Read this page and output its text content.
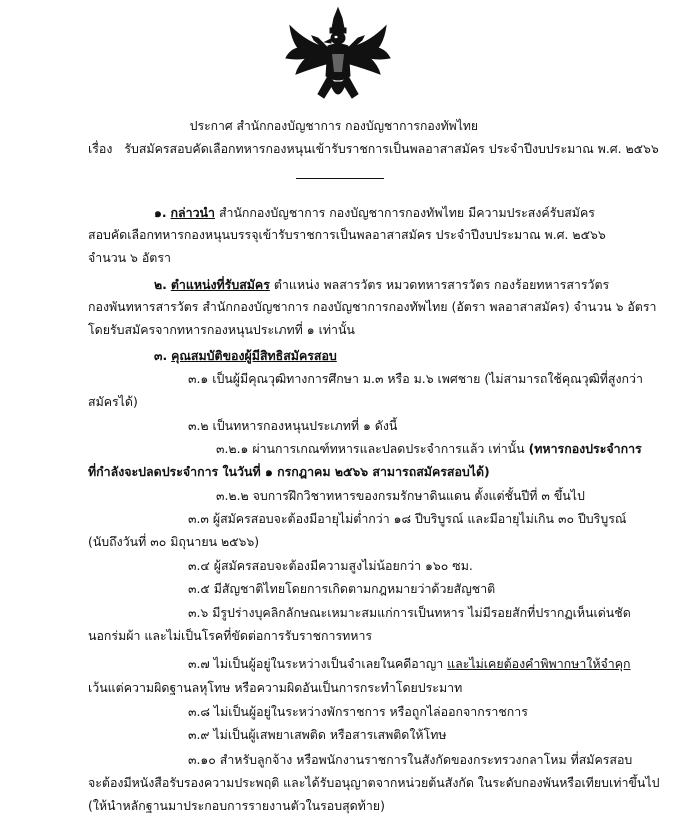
ประกาศ สำนักกองบัญชาการ กองบัญชาการกองทัพไทย
เรื่อง รับสมัครสอบคัดเลือกทหารกองหนุนเข้ารับราชการเป็นพลอาสาสมัคร ประจำปีงบประมาณ พ.ศ. ๒๕๖๖
๑. กล่าวนำ สำนักกองบัญชาการ กองบัญชาการกองทัพไทย มีความประสงค์รับสมัคร
สอบคัดเลือกทหารกองหนุนบรรจุเข้ารับราชการเป็นพลอาสาสมัคร ประจำปีงบประมาณ พ.ศ. ๒๕๖๖
จำนวน ๖ อัตรา
๒. ตำแหน่งที่รับสมัคร ตำแหน่ง พลสารวัตร หมวดทหารสารวัตร กองร้อยทหารสารวัตร
กองพันทหารสารวัตร สำนักกองบัญชาการ กองบัญชาการกองทัพไทย (อัตรา พลอาสาสมัคร) จำนวน ๖ อัตรา
โดยรับสมัครจากทหารกองหนุนประเภทที่ ๑ เท่านั้น
๓. คุณสมบัติของผู้มีสิทธิสมัครสอบ
๓.๑ เป็นผู้มีคุณวุฒิทางการศึกษา ม.๓ หรือ ม.๖ เพศชาย (ไม่สามารถใช้คุณวุฒิที่สูงกว่า
สมัครได้)
๓.๒ เป็นทหารกองหนุนประเภทที่ ๑ ดังนี้
๓.๒.๑ ผ่านการเกณฑ์ทหารและปลดประจำการแล้ว เท่านั้น (ทหารกองประจำการ
ที่กำลังจะปลดประจำการ ในวันที่ ๑ กรกฎาคม ๒๕๖๖ สามารถสมัครสอบได้)
๓.๒.๒ จบการฝึกวิชาทหารของกรมรักษาดินแดน ตั้งแต่ชั้นปีที่ ๓ ขึ้นไป
๓.๓ ผู้สมัครสอบจะต้องมีอายุไม่ต่ำกว่า ๑๘ ปีบริบูรณ์ และมีอายุไม่เกิน ๓๐ ปีบริบูรณ์
(นับถึงวันที่ ๓๐ มิถุนายน ๒๕๖๖)
๓.๔ ผู้สมัครสอบจะต้องมีความสูงไม่น้อยกว่า ๑๖๐ ซม.
๓.๕ มีสัญชาติไทยโดยการเกิดตามกฎหมายว่าด้วยสัญชาติ
๓.๖ มีรูปร่างบุคลิกลักษณะเหมาะสมแก่การเป็นทหาร ไม่มีรอยสักที่ปรากฏเห็นเด่นชัด
นอกร่มผ้า และไม่เป็นโรคที่ขัดต่อการรับราชการทหาร
๓.๗ ไม่เป็นผู้อยู่ในระหว่างเป็นจำเลยในคดีอาญา และไม่เคยต้องคำพิพากษาให้จำคุก
เว้นแต่ความผิดฐานลหุโทษ หรือความผิดอันเป็นการกระทำโดยประมาท
๓.๘ ไม่เป็นผู้อยู่ในระหว่างพักราชการ หรือถูกไล่ออกจากราชการ
๓.๙ ไม่เป็นผู้เสพยาเสพติด หรือสารเสพติดให้โทษ
๓.๑๐ สำหรับลูกจ้าง หรือพนักงานราชการในสังกัดของกระทรวงกลาโหม ที่สมัครสอบ
จะต้องมีหนังสือรับรองความประพฤติ และได้รับอนุญาตจากหน่วยต้นสังกัด ในระดับกองพันหรือเทียบเท่าขึ้นไป
(ให้นำหลักฐานมาประกอบการรายงานตัวในรอบสุดท้าย)
